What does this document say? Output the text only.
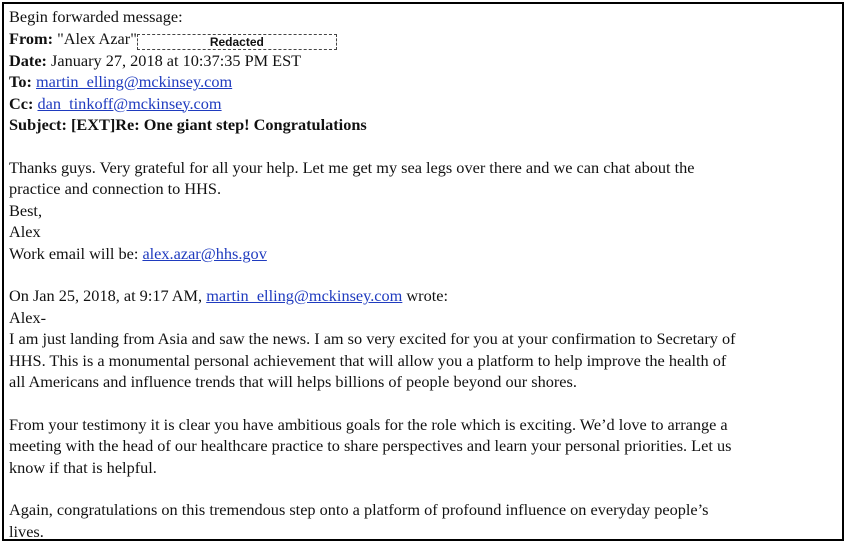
Begin forwarded message:
From: "Alex Azar"	Redacted
Date: January 27, 2018 at 10:37:35 PM EST
To: martin_elling@mckinsey.com
Cc: dan_tinkoff@mckinsey.com
Subject: [EXT]Re: One giant step! Congratulations
Thanks guys. Very grateful for all your help. Let me get my sea legs over there and we can chat about the
practice and connection to HHS.
Best,
Alex
Work email will be: alex.azar@hhs.gov
On Jan 25, 2018, at 9:17 AM, martin_elling@mckinsey.com wrote:
Alex-
I am just landing from Asia and saw the news. I am so very excited for you at your confirmation to Secretary of
HHS. This is a monumental personal achievement that will allow you a platform to help improve the health of
all Americans and influence trends that will helps billions of people beyond our shores.
From your testimony it is clear you have ambitious goals for the role which is exciting. We’d love to arrange a
meeting with the head of our healthcare practice to share perspectives and learn your personal priorities. Let us
know if that is helpful.
Again, congratulations on this tremendous step onto a platform of profound influence on everyday people’s
lives.
